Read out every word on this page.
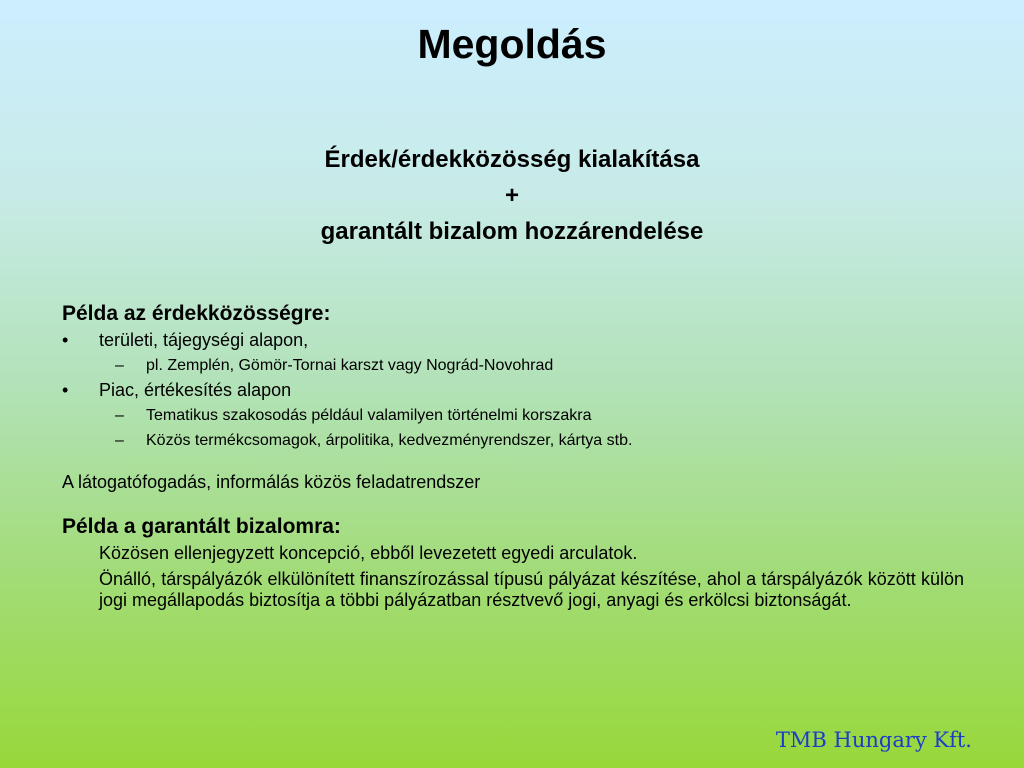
Megoldás
Érdek/érdekközösség kialakítása
+
garantált bizalom hozzárendelése
Példa az érdekközösségre:
• területi, tájegységi alapon,
– pl. Zemplén, Gömör-Tornai karszt vagy Nográd-Novohrad
• Piac, értékesítés alapon
– Tematikus szakosodás például valamilyen történelmi korszakra
– Közös termékcsomagok, árpolitika, kedvezményrendszer, kártya stb.
A látogatófogadás, informálás közös feladatrendszer
Példa a garantált bizalomra:
Közösen ellenjegyzett koncepció, ebből levezetett egyedi arculatok.
Önálló, társpályázók elkülönített finanszírozással típusú pályázat készítése, ahol a társpályázók között külön jogi megállapodás biztosítja a többi pályázatban résztvevő jogi, anyagi és erkölcsi biztonságát.
TMB Hungary Kft.
